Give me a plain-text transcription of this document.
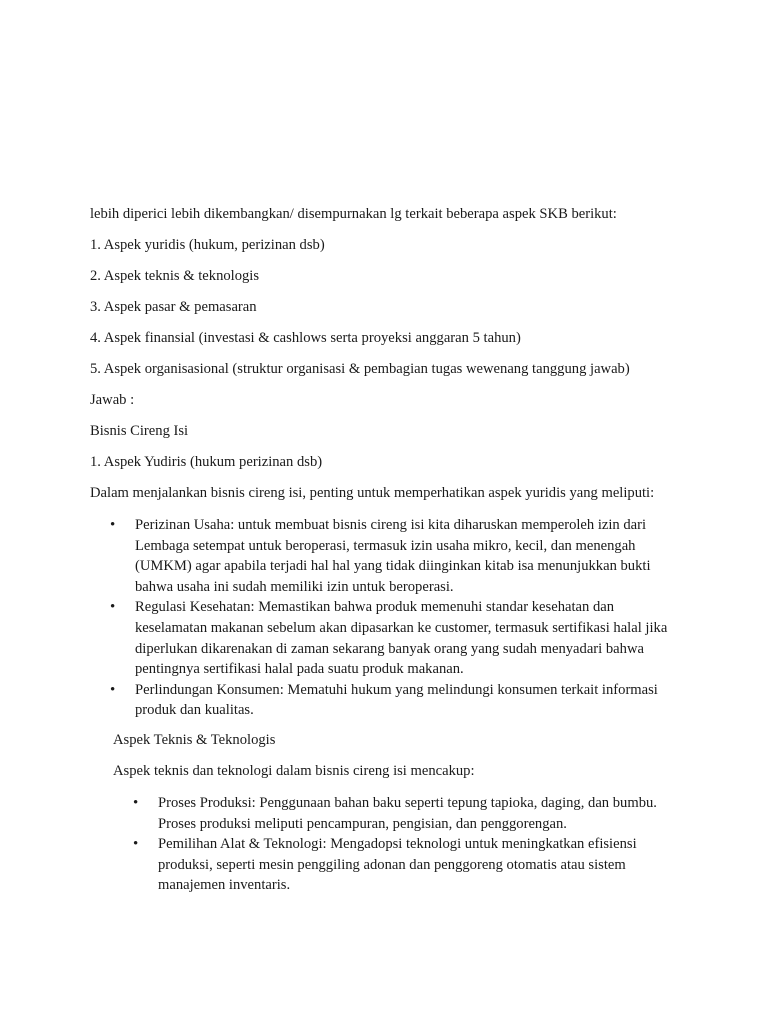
lebih diperici lebih dikembangkan/ disempurnakan lg terkait beberapa aspek SKB berikut:

1. Aspek yuridis (hukum, perizinan dsb)

2. Aspek teknis & teknologis

3. Aspek pasar & pemasaran

4. Aspek finansial (investasi & cashlows serta proyeksi anggaran 5 tahun)

5. Aspek organisasional (struktur organisasi & pembagian tugas wewenang tanggung jawab)

Jawab :

Bisnis Cireng Isi

1. Aspek Yudiris (hukum perizinan dsb)

Dalam menjalankan bisnis cireng isi, penting untuk memperhatikan aspek yuridis yang meliputi:

• Perizinan Usaha: untuk membuat bisnis cireng isi kita diharuskan memperoleh izin dari Lembaga setempat untuk beroperasi, termasuk izin usaha mikro, kecil, dan menengah (UMKM) agar apabila terjadi hal hal yang tidak diinginkan kitab isa menunjukkan bukti bahwa usaha ini sudah memiliki izin untuk beroperasi.
• Regulasi Kesehatan: Memastikan bahwa produk memenuhi standar kesehatan dan keselamatan makanan sebelum akan dipasarkan ke customer, termasuk sertifikasi halal jika diperlukan dikarenakan di zaman sekarang banyak orang yang sudah menyadari bahwa pentingnya sertifikasi halal pada suatu produk makanan.
• Perlindungan Konsumen: Mematuhi hukum yang melindungi konsumen terkait informasi produk dan kualitas.

Aspek Teknis & Teknologis

Aspek teknis dan teknologi dalam bisnis cireng isi mencakup:

• Proses Produksi: Penggunaan bahan baku seperti tepung tapioka, daging, dan bumbu. Proses produksi meliputi pencampuran, pengisian, dan penggorengan.
• Pemilihan Alat & Teknologi: Mengadopsi teknologi untuk meningkatkan efisiensi produksi, seperti mesin penggiling adonan dan penggoreng otomatis atau sistem manajemen inventaris.
